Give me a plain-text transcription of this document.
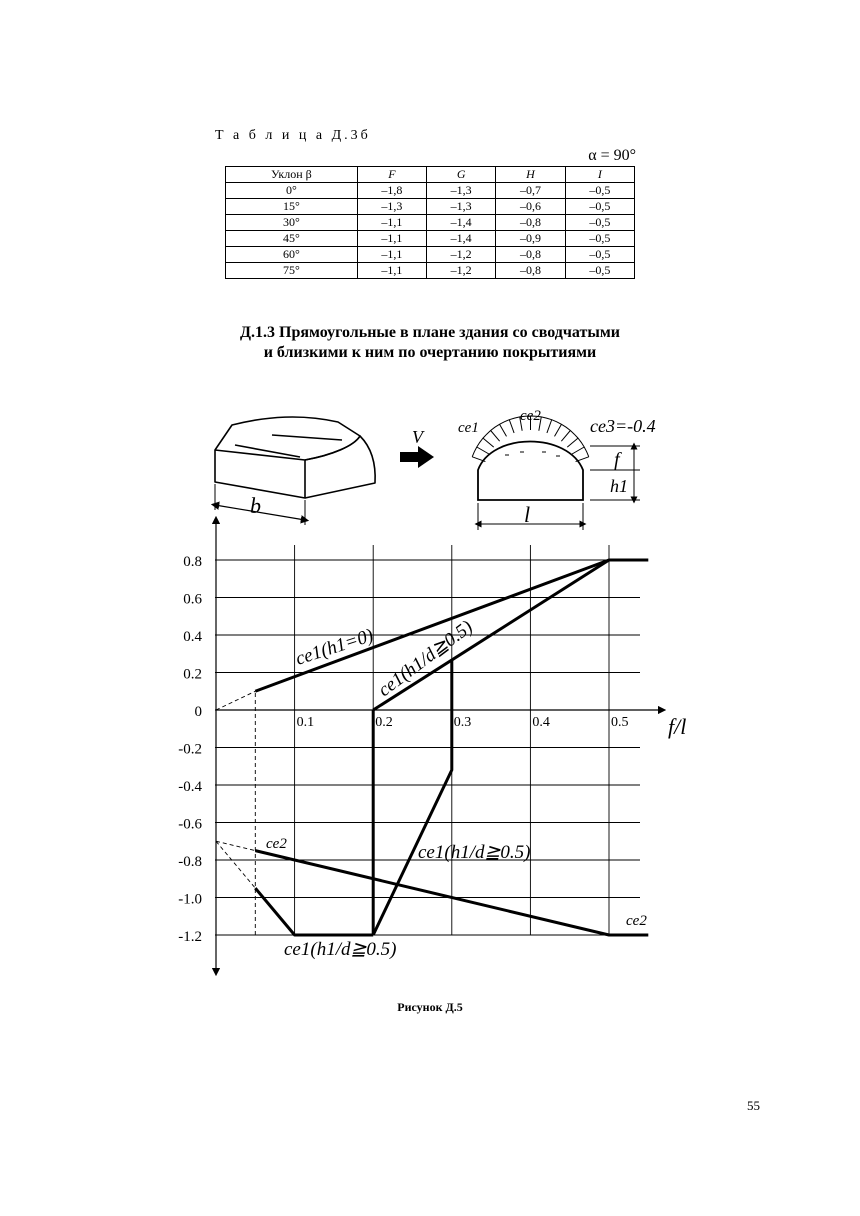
Т а б л и ц а Д.3б
α = 90°
Уклон β	F	G	H	I
0°	–1,8	–1,3	–0,7	–0,5
15°	–1,3	–1,3	–0,6	–0,5
30°	–1,1	–1,4	–0,8	–0,5
45°	–1,1	–1,4	–0,9	–0,5
60°	–1,1	–1,2	–0,8	–0,5
75°	–1,1	–1,2	–0,8	–0,5
Д.1.3 Прямоугольные в плане здания со сводчатыми
и близкими к ним по очертанию покрытиями
b
V ce1
ce2	ce3=-0.4
f
h1
l
0.8
0.6
0.4
0.2
0
-0.2
-0.4
-0.6
-0.8
-1.0
-1.2
0.1	0.2	0.3	0.4	0.5 f/l
ce1(h1=0)
ce1(h1/d≧0.5)
ce1(h1/d≧0.5)
ce1(h1/d≧0.5)
ce2
ce2
Рисунок Д.5
55
